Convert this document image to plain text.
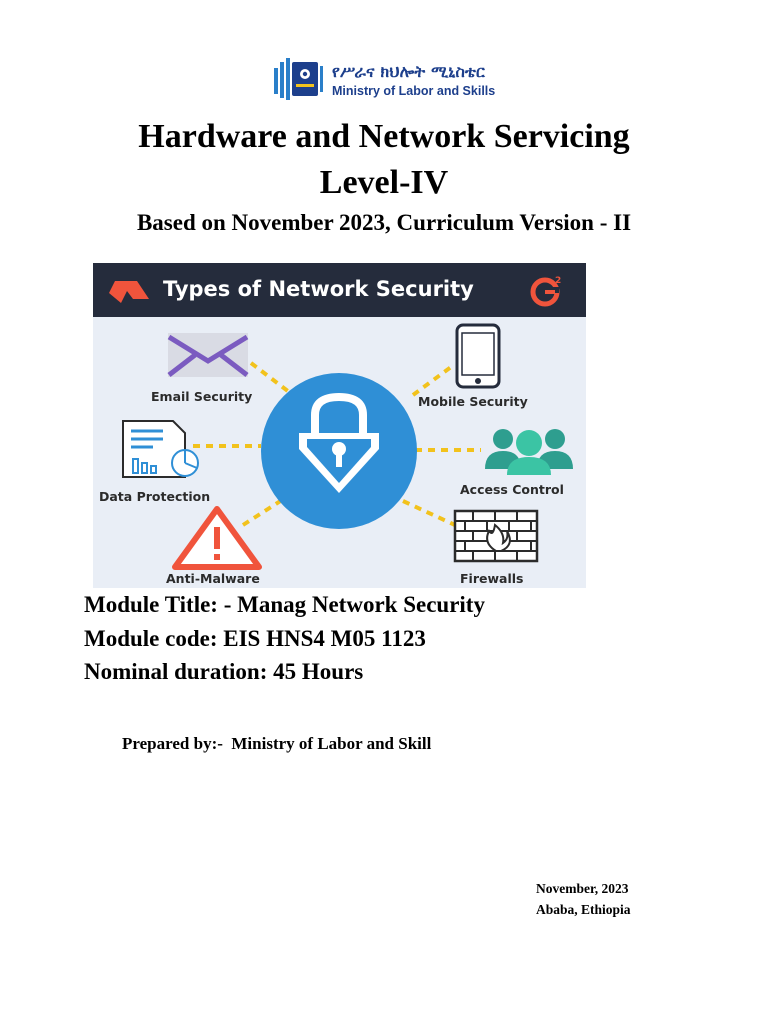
የሥራና ክህሎት ሚኒስቴር
Ministry of Labor and Skills
Hardware and Network Servicing
Level-IV
Based on November 2023, Curriculum Version - II
2
Types of Network Security
Email Security	Mobile Security
Data Protection	Access Control
Anti-Malware	Firewalls
Module Title: - Manag Network Security
Module code: EIS HNS4 M05 1123
Nominal duration: 45 Hours
Prepared by:-  Ministry of Labor and Skill
November, 2023
Ababa, Ethiopia
